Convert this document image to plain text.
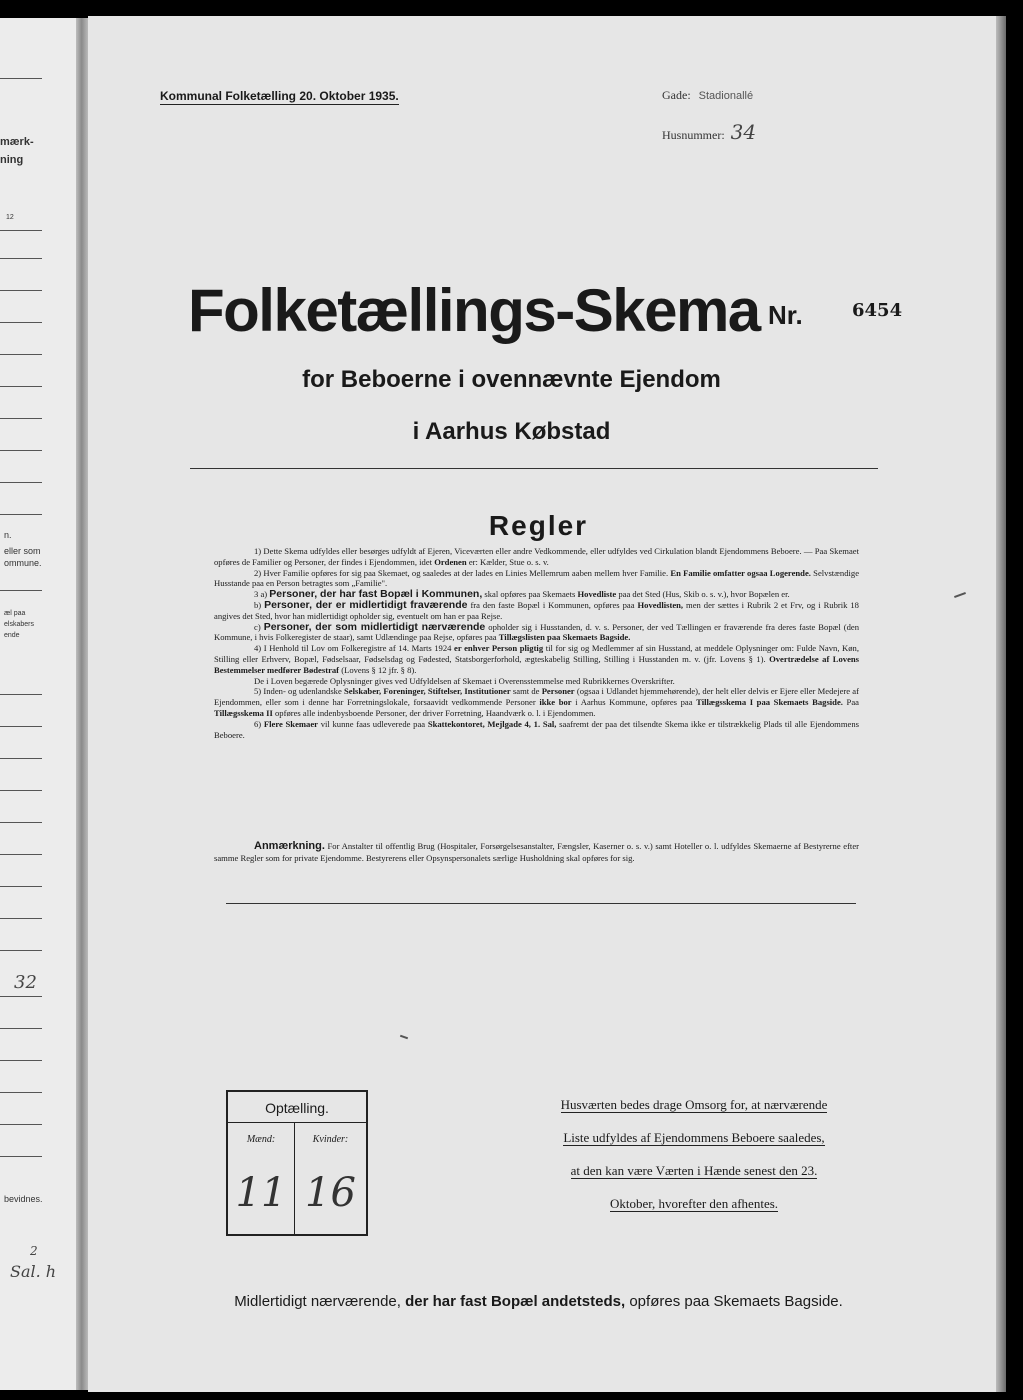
mærk-
ning
12
n.
eller som
ommune.
æl paa
elskabers
ende
32
bevidnes.
2
Sal. h
Kommunal Folketælling 20. Oktober 1935.	Gade: Stadionallé
Husnummer: 34
Folketællings-Skema Nr.	6454
for Beboerne i ovennævnte Ejendom
i Aarhus Købstad
Regler

1) Dette Skema udfyldes eller besørges udfyldt af Ejeren, Viceværten eller andre Vedkommende, eller udfyldes ved Cirkulation blandt Ejendommens Beboere. — Paa Skemaet opføres de Familier og Personer, der findes i Ejendommen, idet Ordenen er: Kælder, Stue o. s. v.

2) Hver Familie opføres for sig paa Skemaet, og saaledes at der lades en Linies Mellemrum aaben mellem hver Familie. En Familie omfatter ogsaa Logerende. Selvstændige Husstande paa en Person betragtes som „Familie".

3 a) Personer, der har fast Bopæl i Kommunen, skal opføres paa Skemaets Hovedliste paa det Sted (Hus, Skib o. s. v.), hvor Bopælen er.

b) Personer, der er midlertidigt fraværende fra den faste Bopæl i Kommunen, opføres paa Hovedlisten, men der sættes i Rubrik 2 et Frv, og i Rubrik 18 angives det Sted, hvor han midlertidigt opholder sig, eventuelt om han er paa Rejse.

c) Personer, der som midlertidigt nærværende opholder sig i Husstanden, d. v. s. Personer, der ved Tællingen er fraværende fra deres faste Bopæl (den Kommune, i hvis Folkeregister de staar), samt Udlændinge paa Rejse, opføres paa Tillægslisten paa Skemaets Bagside.

4) I Henhold til Lov om Folkeregistre af 14. Marts 1924 er enhver Person pligtig til for sig og Medlemmer af sin Husstand, at meddele Oplysninger om: Fulde Navn, Køn, Stilling eller Erhverv, Bopæl, Fødselsaar, Fødselsdag og Fødested, Statsborgerforhold, ægteskabelig Stilling, Stilling i Husstanden m. v. (jfr. Lovens § 1). Overtrædelse af Lovens Bestemmelser medfører Bødestraf (Lovens § 12 jfr. § 8).

De i Loven begærede Oplysninger gives ved Udfyldelsen af Skemaet i Overensstemmelse med Rubrikkernes Overskrifter.

5) Inden- og udenlandske Selskaber, Foreninger, Stiftelser, Institutioner samt de Personer (ogsaa i Udlandet hjemmehørende), der helt eller delvis er Ejere eller Medejere af Ejendommen, eller som i denne har Forretningslokale, forsaavidt vedkommende Personer ikke bor i Aarhus Kommune, opføres paa Tillægsskema I paa Skemaets Bagside. Paa Tillægsskema II opføres alle indenbysboende Personer, der driver Forretning, Haandværk o. l. i Ejendommen.

6) Flere Skemaer vil kunne faas udleverede paa Skattekontoret, Mejlgade 4, 1. Sal, saafremt der paa det tilsendte Skema ikke er tilstrækkelig Plads til alle Ejendommens Beboere.

Anmærkning. For Anstalter til offentlig Brug (Hospitaler, Forsørgelsesanstalter, Fængsler, Kaserner o. s. v.) samt Hoteller o. l. udfyldes Skemaerne af Bestyrerne efter samme Regler som for private Ejendomme. Bestyrerens eller Opsynspersonalets særlige Husholdning skal opføres for sig.

Optælling.
Mænd:
11
Kvinder:
16
Husværten bedes drage Omsorg for, at nærværende
Liste udfyldes af Ejendommens Beboere saaledes,
at den kan være Værten i Hænde senest den 23.
Oktober, hvorefter den afhentes.
Midlertidigt nærværende, der har fast Bopæl andetsteds, opføres paa Skemaets Bagside.
